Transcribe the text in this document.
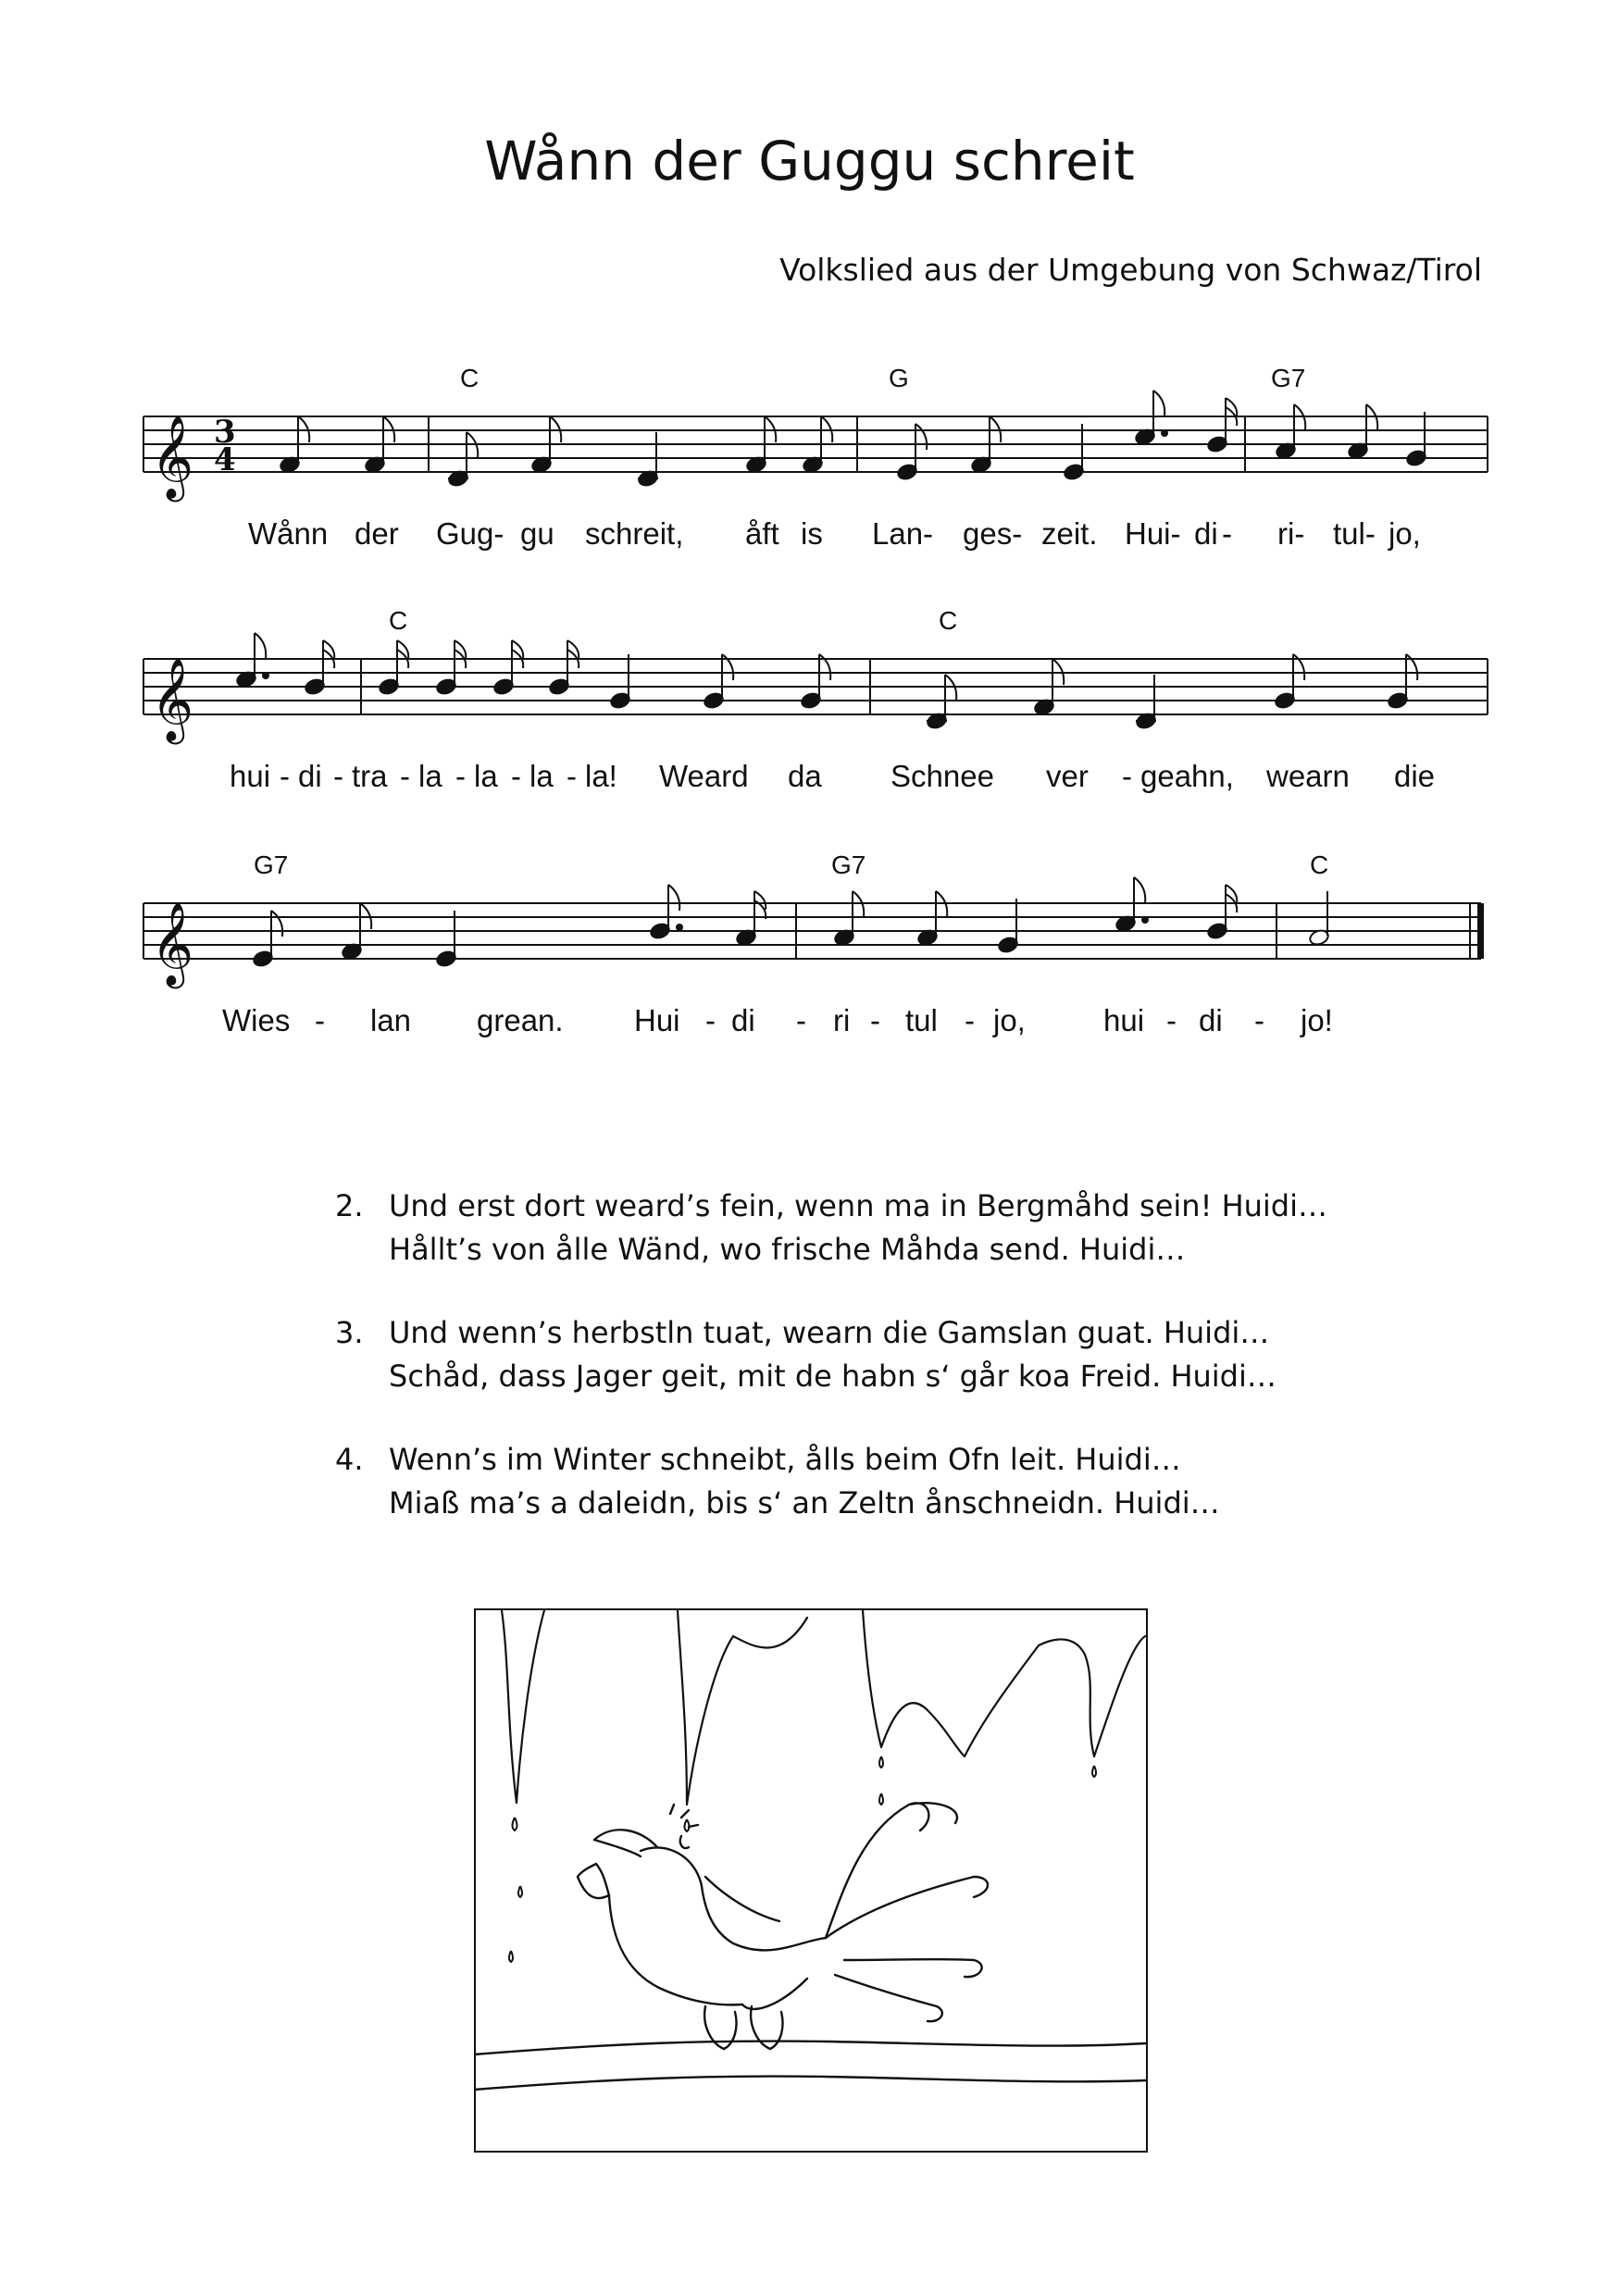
Wånn der Guggu schreit
Volkslied aus der Umgebung von Schwaz/Tirol
𝄞 3
4
C	G	G7
Wånn der Gug- gu schreit, åft is Lan- ges- zeit. Hui- di - ri- tul- jo,
𝄞
C	C
hui - di - tra - la - la - la - la! Weard da Schnee ver - geahn, wearn die
𝄞
G7	G7	C
Wies - lan grean. Hui - di - ri - tul - jo,	hui - di - jo!
2. Und erst dort weard’s fein, wenn ma in Bergmåhd sein! Huidi…
Hållt’s von ålle Wänd, wo frische Måhda send. Huidi…
3. Und wenn’s herbstln tuat, wearn die Gamslan guat. Huidi…
Schåd, dass Jager geit, mit de habn s‘ går koa Freid. Huidi…
4. Wenn’s im Winter schneibt, ålls beim Ofn leit. Huidi…
Miaß ma’s a daleidn, bis s‘ an Zeltn ånschneidn. Huidi…
